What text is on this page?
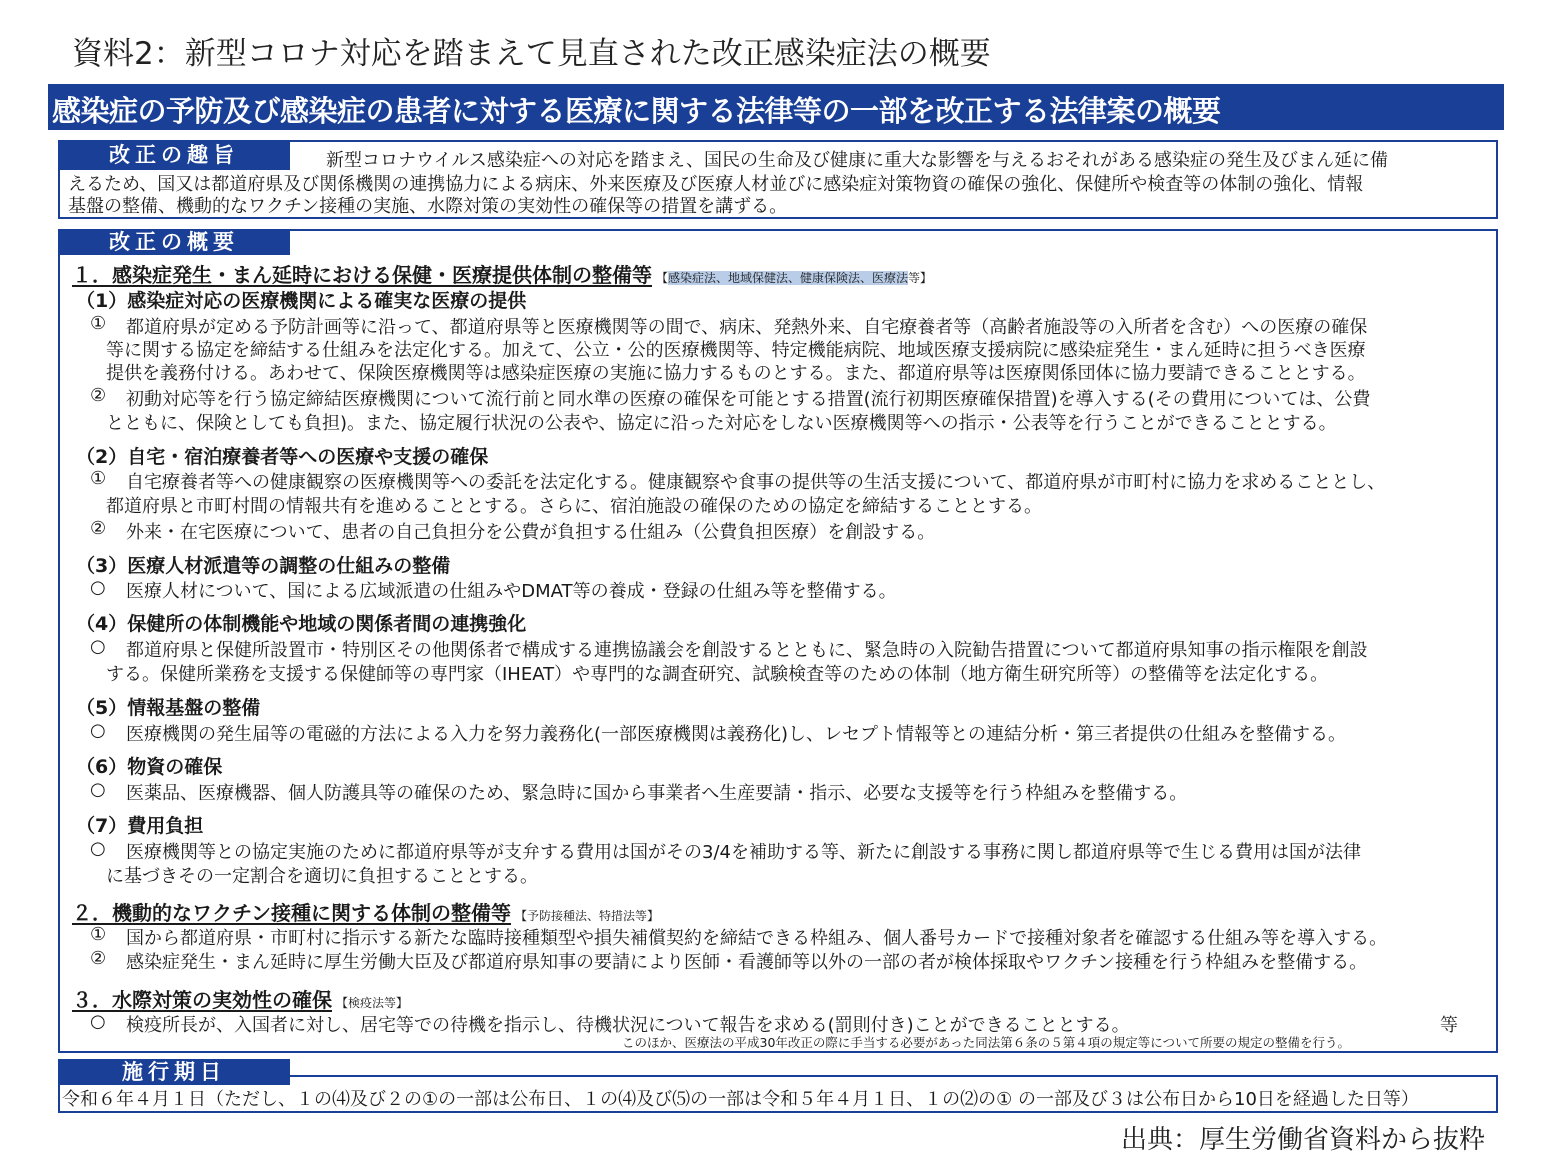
資料2：新型コロナ対応を踏まえて見直された改正感染症法の概要
感染症の予防及び感染症の患者に対する医療に関する法律等の一部を改正する法律案の概要
改正の趣旨	新型コロナウイルス感染症への対応を踏まえ、国民の生命及び健康に重大な影響を与えるおそれがある感染症の発生及びまん延に備
えるため、国又は都道府県及び関係機関の連携協力による病床、外来医療及び医療人材並びに感染症対策物資の確保の強化、保健所や検査等の体制の強化、情報
基盤の整備、機動的なワクチン接種の実施、水際対策の実効性の確保等の措置を講ずる。
改正の概要
１．感染症発生・まん延時における保健・医療提供体制の整備等 【感染症法、地域保健法、健康保険法、医療法等】
（1）感染症対応の医療機関による確実な医療の提供
① 都道府県が定める予防計画等に沿って、都道府県等と医療機関等の間で、病床、発熱外来、自宅療養者等（高齢者施設等の入所者を含む）への医療の確保
等に関する協定を締結する仕組みを法定化する。加えて、公立・公的医療機関等、特定機能病院、地域医療支援病院に感染症発生・まん延時に担うべき医療
提供を義務付ける。あわせて、保険医療機関等は感染症医療の実施に協力するものとする。また、都道府県等は医療関係団体に協力要請できることとする。
② 初動対応等を行う協定締結医療機関について流行前と同水準の医療の確保を可能とする措置(流行初期医療確保措置)を導入する(その費用については、公費
とともに、保険としても負担)。また、協定履行状況の公表や、協定に沿った対応をしない医療機関等への指示・公表等を行うことができることとする。
（2）自宅・宿泊療養者等への医療や支援の確保
① 自宅療養者等への健康観察の医療機関等への委託を法定化する。健康観察や食事の提供等の生活支援について、都道府県が市町村に協力を求めることとし、
都道府県と市町村間の情報共有を進めることとする。さらに、宿泊施設の確保のための協定を締結することとする。
② 外来・在宅医療について、患者の自己負担分を公費が負担する仕組み（公費負担医療）を創設する。
（3）医療人材派遣等の調整の仕組みの整備
○ 医療人材について、国による広域派遣の仕組みやDMAT等の養成・登録の仕組み等を整備する。
（4）保健所の体制機能や地域の関係者間の連携強化
○ 都道府県と保健所設置市・特別区その他関係者で構成する連携協議会を創設するとともに、緊急時の入院勧告措置について都道府県知事の指示権限を創設
する。保健所業務を支援する保健師等の専門家（IHEAT）や専門的な調査研究、試験検査等のための体制（地方衛生研究所等）の整備等を法定化する。
（5）情報基盤の整備
○ 医療機関の発生届等の電磁的方法による入力を努力義務化(一部医療機関は義務化)し、レセプト情報等との連結分析・第三者提供の仕組みを整備する。
（6）物資の確保
○ 医薬品、医療機器、個人防護具等の確保のため、緊急時に国から事業者へ生産要請・指示、必要な支援等を行う枠組みを整備する。
（7）費用負担
○ 医療機関等との協定実施のために都道府県等が支弁する費用は国がその3/4を補助する等、新たに創設する事務に関し都道府県等で生じる費用は国が法律
に基づきその一定割合を適切に負担することとする。
２．機動的なワクチン接種に関する体制の整備等 【予防接種法、特措法等】
① 国から都道府県・市町村に指示する新たな臨時接種類型や損失補償契約を締結できる枠組み、個人番号カードで接種対象者を確認する仕組み等を導入する。
② 感染症発生・まん延時に厚生労働大臣及び都道府県知事の要請により医師・看護師等以外の一部の者が検体採取やワクチン接種を行う枠組みを整備する。
３．水際対策の実効性の確保 【検疫法等】
○ 検疫所長が、入国者に対し、居宅等での待機を指示し、待機状況について報告を求める(罰則付き)ことができることとする。	等
このほか、医療法の平成30年改正の際に手当する必要があった同法第６条の５第４項の規定等について所要の規定の整備を行う。
施行期日
令和６年４月１日（ただし、１の⑷及び２の①の一部は公布日、１の⑷及び⑸の一部は令和５年４月１日、１の⑵の① の一部及び３は公布日から10日を経過した日等）
出典：厚生労働省資料から抜粋
